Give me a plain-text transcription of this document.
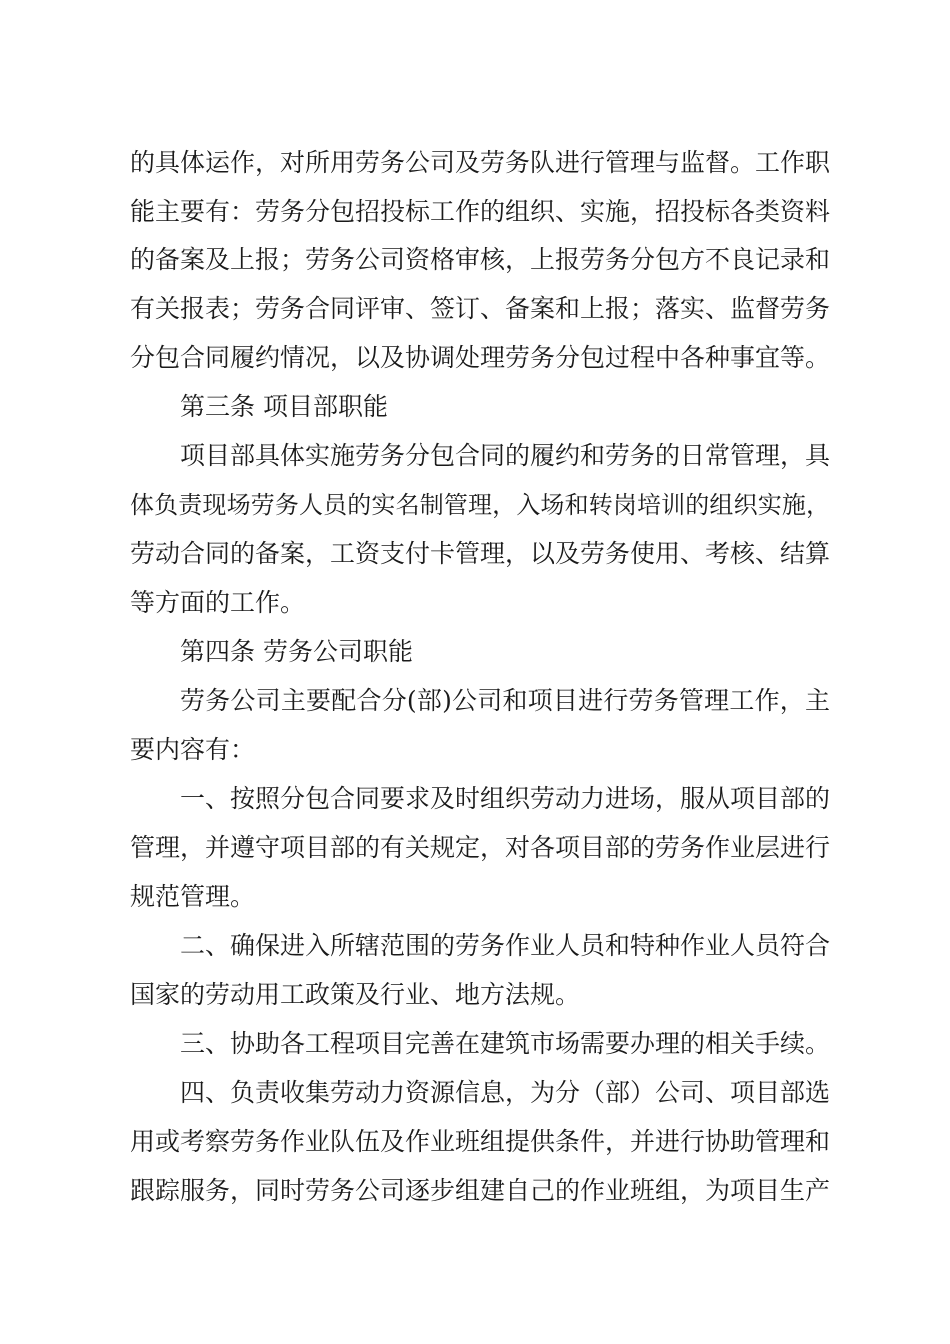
的具体运作，对所用劳务公司及劳务队进行管理与监督。工作职
能主要有：劳务分包招投标工作的组织、实施，招投标各类资料
的备案及上报；劳务公司资格审核，上报劳务分包方不良记录和
有关报表；劳务合同评审、签订、备案和上报；落实、监督劳务
分包合同履约情况，以及协调处理劳务分包过程中各种事宜等。
第三条 项目部职能
项目部具体实施劳务分包合同的履约和劳务的日常管理，具
体负责现场劳务人员的实名制管理，入场和转岗培训的组织实施，
劳动合同的备案，工资支付卡管理，以及劳务使用、考核、结算
等方面的工作。
第四条 劳务公司职能
劳务公司主要配合分(部)公司和项目进行劳务管理工作，主
要内容有：
一、按照分包合同要求及时组织劳动力进场，服从项目部的
管理，并遵守项目部的有关规定，对各项目部的劳务作业层进行
规范管理。
二、确保进入所辖范围的劳务作业人员和特种作业人员符合
国家的劳动用工政策及行业、地方法规。
三、协助各工程项目完善在建筑市场需要办理的相关手续。
四、负责收集劳动力资源信息，为分（部）公司、项目部选
用或考察劳务作业队伍及作业班组提供条件，并进行协助管理和
跟踪服务，同时劳务公司逐步组建自己的作业班组，为项目生产
